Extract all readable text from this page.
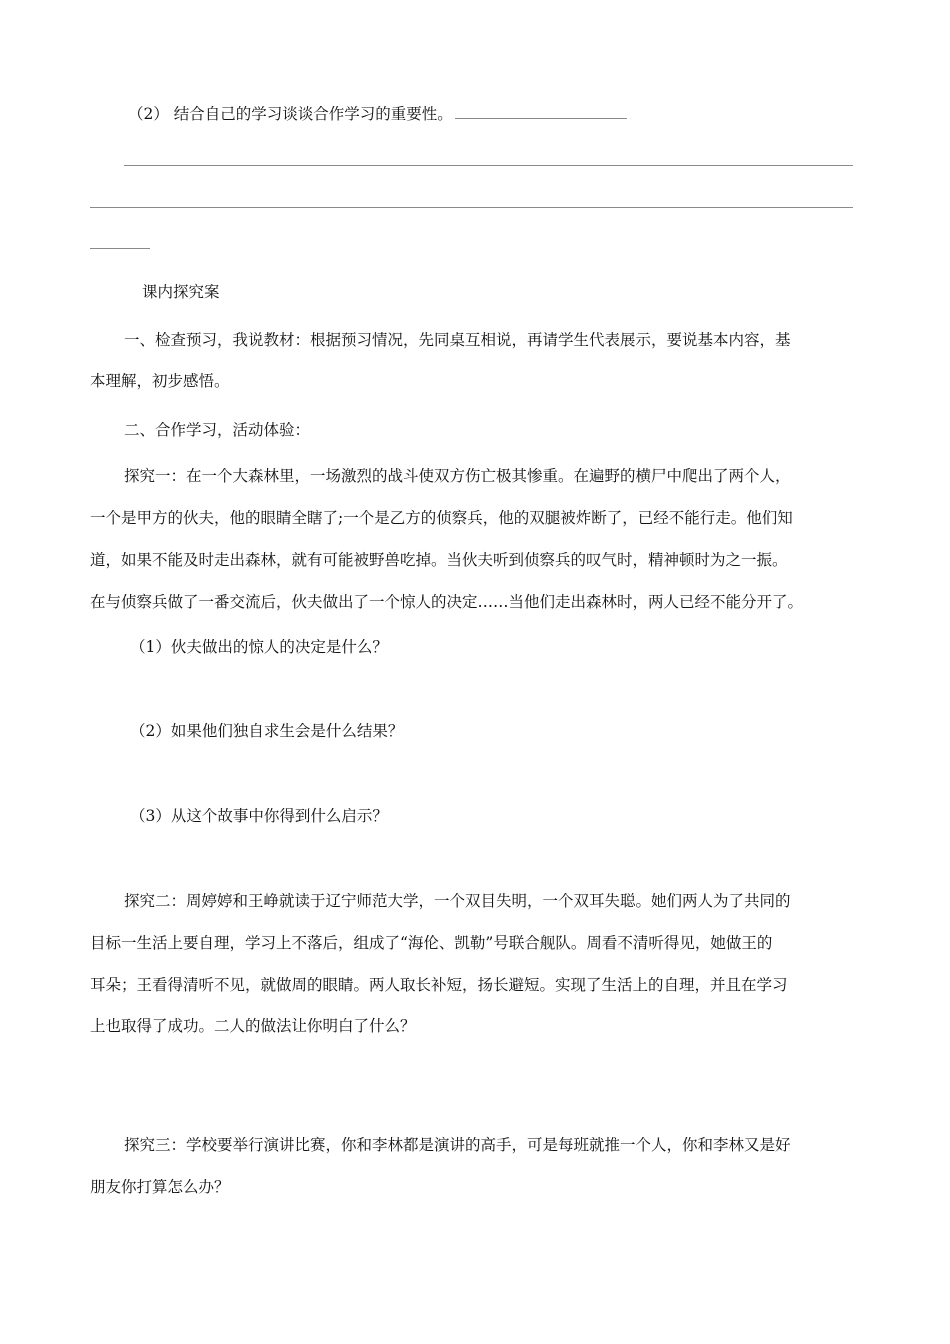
（2） 结合自己的学习谈谈合作学习的重要性。
课内探究案
一、检查预习，我说教材：根据预习情况，先同桌互相说，再请学生代表展示，要说基本内容，基
本理解，初步感悟。
二、合作学习，活动体验：
探究一：在一个大森林里，一场激烈的战斗使双方伤亡极其惨重。在遍野的横尸中爬出了两个人，
一个是甲方的伙夫，他的眼睛全瞎了;一个是乙方的侦察兵，他的双腿被炸断了，已经不能行走。他们知
道，如果不能及时走出森林，就有可能被野兽吃掉。当伙夫听到侦察兵的叹气时，精神顿时为之一振。
在与侦察兵做了一番交流后，伙夫做出了一个惊人的决定……当他们走出森林时，两人已经不能分开了。
（1）伙夫做出的惊人的决定是什么？
（2）如果他们独自求生会是什么结果？
（3）从这个故事中你得到什么启示？
探究二：周婷婷和王峥就读于辽宁师范大学，一个双目失明，一个双耳失聪。她们两人为了共同的
目标一生活上要自理，学习上不落后，组成了“海伦、凯勒”号联合舰队。周看不清听得见，她做王的
耳朵；王看得清听不见，就做周的眼睛。两人取长补短，扬长避短。实现了生活上的自理，并且在学习
上也取得了成功。二人的做法让你明白了什么？
探究三：学校要举行演讲比赛，你和李林都是演讲的高手，可是每班就推一个人，你和李林又是好
朋友你打算怎么办？
